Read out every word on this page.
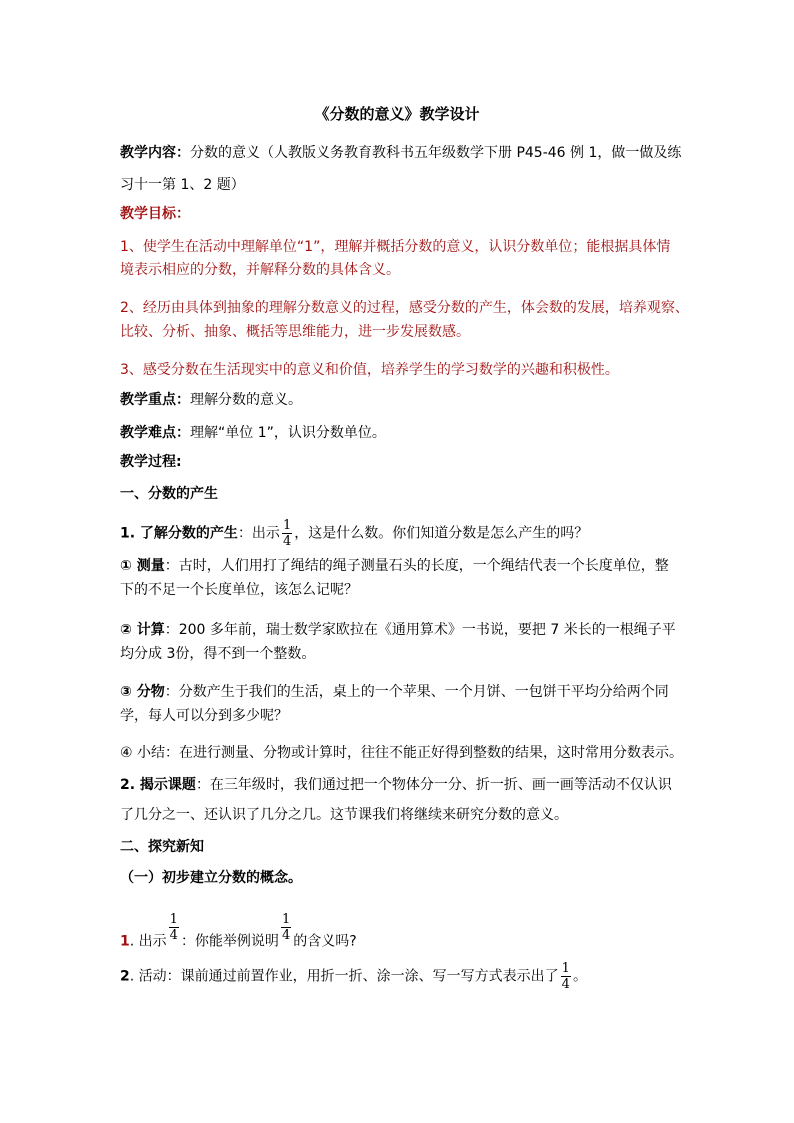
《分数的意义》教学设计
教学内容：分数的意义（人教版义务教育教科书五年级数学下册 P45-46 例 1，做一做及练
习十一第 1、2 题）
教学目标：
1、使学生在活动中理解单位“1”，理解并概括分数的意义，认识分数单位；能根据具体情
境表示相应的分数，并解释分数的具体含义。
2、经历由具体到抽象的理解分数意义的过程，感受分数的产生，体会数的发展，培养观察、
比较、分析、抽象、概括等思维能力，进一步发展数感。
3、感受分数在生活现实中的意义和价值，培养学生的学习数学的兴趣和积极性。
教学重点：理解分数的意义。
教学难点：理解“单位 1”，认识分数单位。
教学过程:
一、分数的产生
1. 了解分数的产生：出示 $\frac{1}{4}$ ，这是什么数。你们知道分数是怎么产生的吗？
① 测量：古时，人们用打了绳结的绳子测量石头的长度，一个绳结代表一个长度单位，整
下的不足一个长度单位，该怎么记呢？
② 计算：200 多年前，瑞士数学家欧拉在《通用算术》一书说，要把 7 米长的一根绳子平
均分成 3份，得不到一个整数。
③ 分物：分数产生于我们的生活，桌上的一个苹果、一个月饼、一包饼干平均分给两个同
学，每人可以分到多少呢？
④ 小结：在进行测量、分物或计算时，往往不能正好得到整数的结果，这时常用分数表示。
2. 揭示课题：在三年级时，我们通过把一个物体分一分、折一折、画一画等活动不仅认识
了几分之一、还认识了几分之几。这节课我们将继续来研究分数的意义。
二、探究新知
（一）初步建立分数的概念。
1. 出示 $\frac{1}{4}$ ：你能举例说明 $\frac{1}{4}$ 的含义吗?
2. 活动：课前通过前置作业，用折一折、涂一涂、写一写方式表示出了 $\frac{1}{4}$ 。
